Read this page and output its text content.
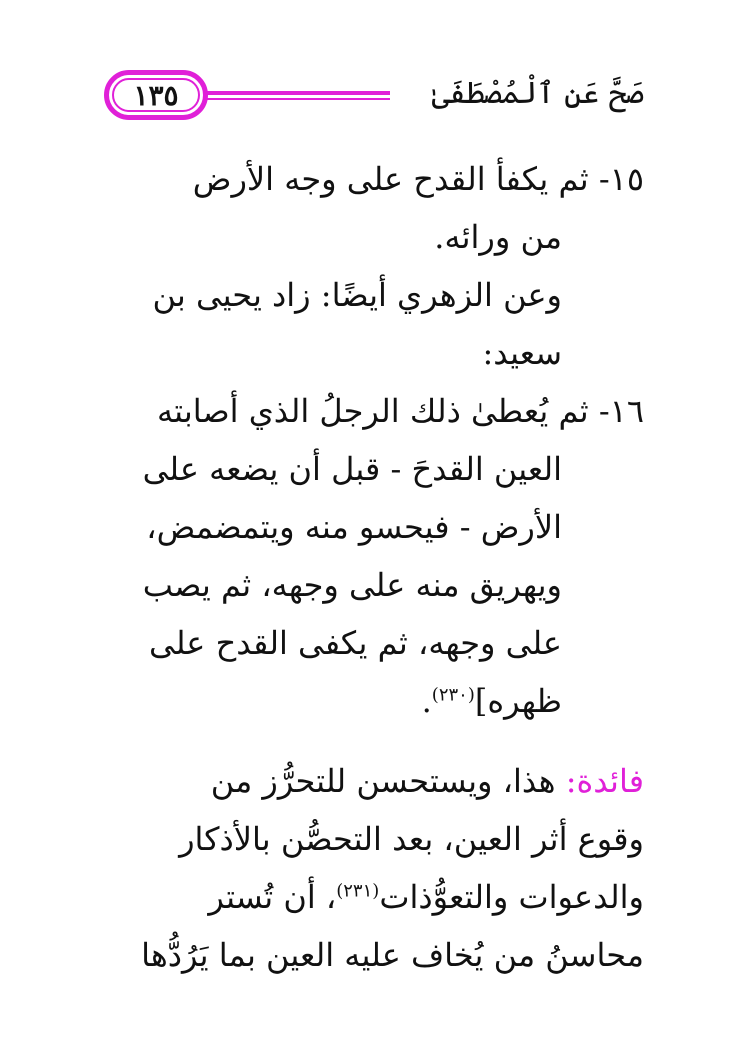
١٣٥	صَحَّ عَنِ ٱلْمُصْطَفَىٰ

١٥- ثم يكفأ القدح على وجه الأرض

من ورائه.

وعن الزهري أيضًا: زاد يحيى بن

سعيد:

١٦- ثم يُعطىٰ ذلك الرجلُ الذي أصابته

العين القدحَ - قبل أن يضعه على

الأرض - فيحسو منه ويتمضمض،

ويهريق منه على وجهه، ثم يصب

على وجهه، ثم يكفى القدح على

ظهره]$^{(٢٣٠)}$.

فائدة: هذا، ويستحسن للتحرُّز من

وقوع أثر العين، بعد التحصُّن بالأذكار

والدعوات والتعوُّذات$^{(٢٣١)}$، أن تُستر

محاسنُ من يُخاف عليه العين بما يَرُدُّها
